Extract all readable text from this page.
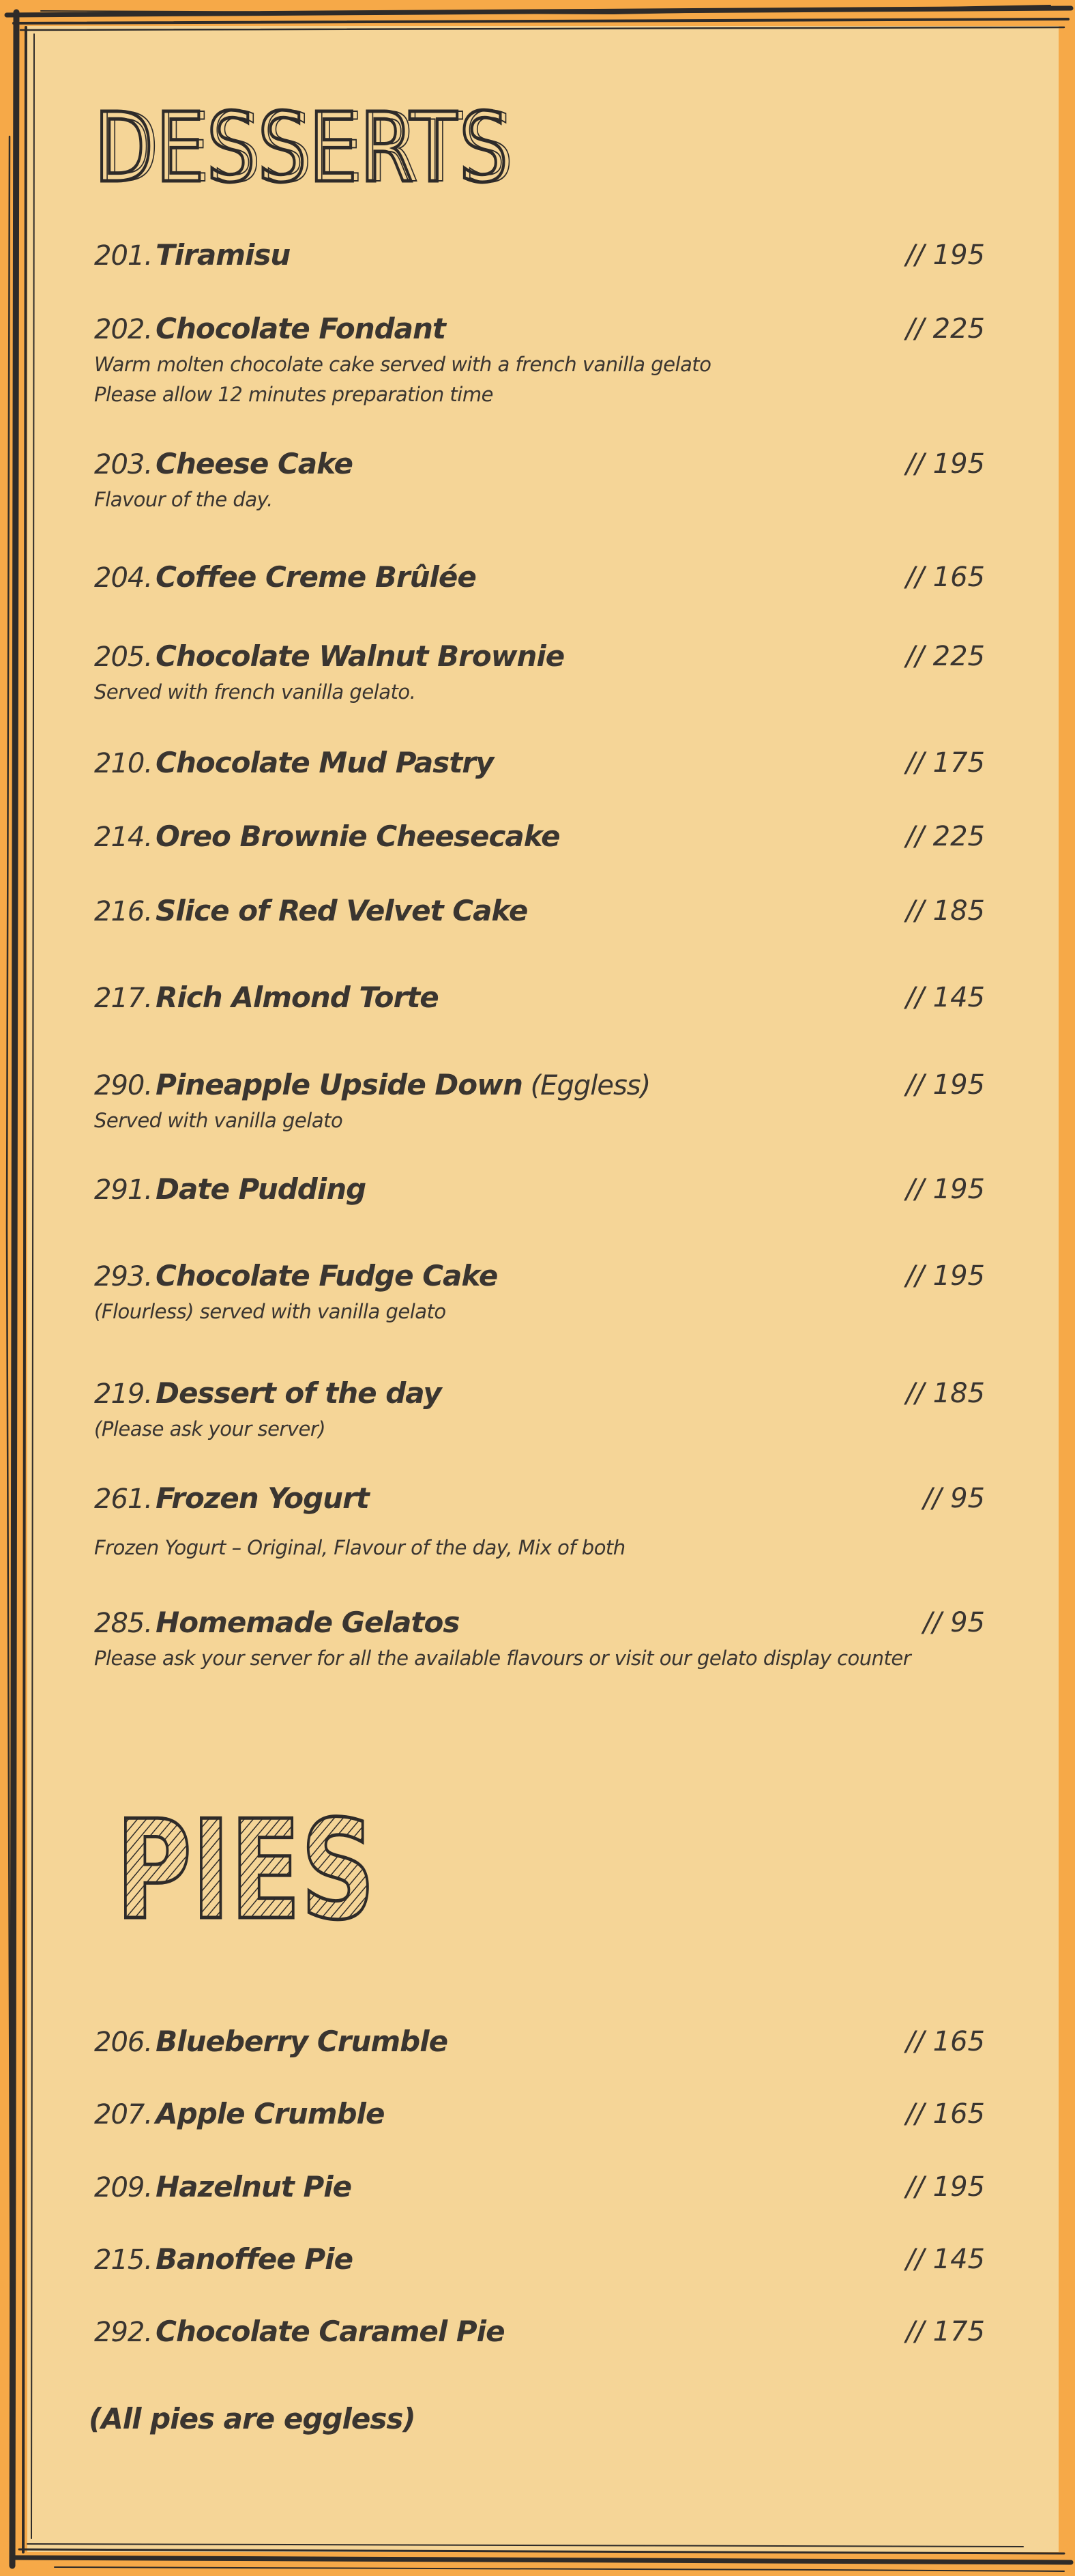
DESSERTS
DESSERTS
201. Tiramisu	// 195
202. Chocolate Fondant	// 225
Warm molten chocolate cake served with a french vanilla gelato
Please allow 12 minutes preparation time
203. Cheese Cake	// 195
Flavour of the day.
204. Coffee Creme Brûlée	// 165
205. Chocolate Walnut Brownie	// 225
Served with french vanilla gelato.
210. Chocolate Mud Pastry	// 175
214. Oreo Brownie Cheesecake	// 225
216. Slice of Red Velvet Cake	// 185
217. Rich Almond Torte	// 145
290. Pineapple Upside Down (Eggless)	// 195
Served with vanilla gelato
291. Date Pudding	// 195
293. Chocolate Fudge Cake	// 195
(Flourless) served with vanilla gelato
219. Dessert of the day	// 185
(Please ask your server)
261. Frozen Yogurt	// 95
Frozen Yogurt – Original, Flavour of the day, Mix of both
285. Homemade Gelatos	// 95
Please ask your server for all the available flavours or visit our gelato display counter
PIES
206. Blueberry Crumble	// 165
207. Apple Crumble	// 165
209. Hazelnut Pie	// 195
215. Banoffee Pie	// 145
292. Chocolate Caramel Pie	// 175
(All pies are eggless)
